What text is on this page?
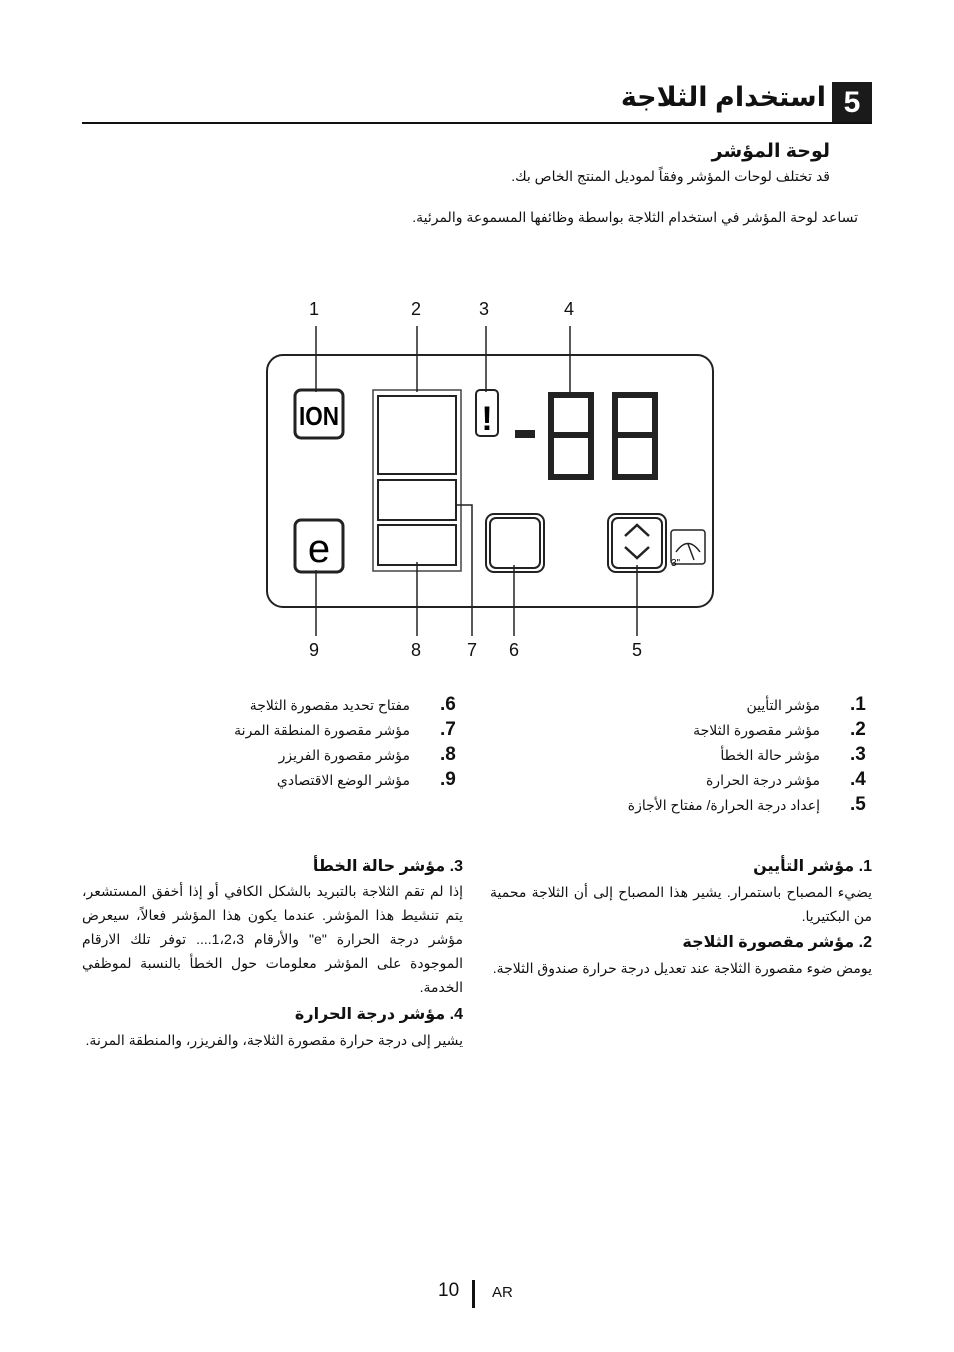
5
استخدام الثلاجة
لوحة المؤشر
قد تختلف لوحات المؤشر وفقاً لموديل المنتج الخاص بك.
تساعد لوحة المؤشر في استخدام الثلاجة بواسطة وظائفها المسموعة والمرئية.
ION
e
!
3"
1	2	3	4
9	8	7 6	5
مؤشر التأيين .1
مؤشر مقصورة الثلاجة .2
مؤشر حالة الخطأ .3
مؤشر درجة الحرارة .4
إعداد درجة الحرارة/ مفتاح الأجازة .5
مفتاح تحديد مقصورة الثلاجة .6
مؤشر مقصورة المنطقة المرنة .7
مؤشر مقصورة الفريزر .8
مؤشر الوضع الاقتصادي .9
1. مؤشر التأيين
يضيء المصباح باستمرار. يشير هذا المصباح إلى أن الثلاجة محمية من البكتيريا.
2. مؤشر مقصورة الثلاجة
يومض ضوء مقصورة الثلاجة عند تعديل درجة حرارة صندوق الثلاجة.
3. مؤشر حالة الخطأ
إذا لم تقم الثلاجة بالتبريد بالشكل الكافي أو إذا أخفق المستشعر، يتم تنشيط هذا المؤشر. عندما يكون هذا المؤشر فعالاً، سيعرض مؤشر درجة الحرارة "e" والأرقام 1،2،3.... توفر تلك الارقام الموجودة على المؤشر معلومات حول الخطأ بالنسبة لموظفي الخدمة.
4. مؤشر درجة الحرارة
يشير إلى درجة حرارة مقصورة الثلاجة، والفريزر، والمنطقة المرنة.
10 AR
